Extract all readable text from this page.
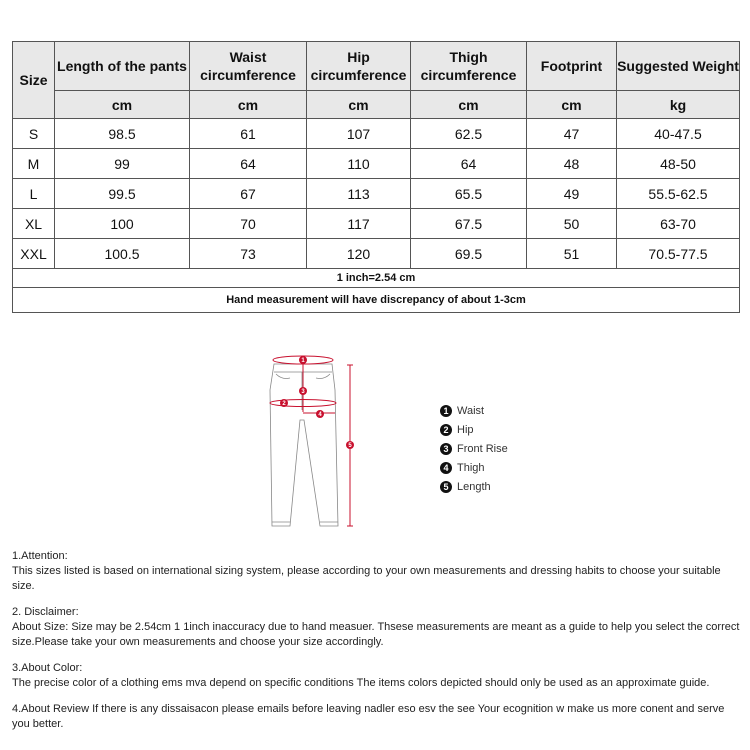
Size	Length of the pants	Waist circumference	Hip circumference	Thigh circumference	Footprint	Suggested Weight
	cm	cm	cm	cm	cm	kg
S	98.5	61	107	62.5	47	40-47.5
M	99	64	110	64	48	48-50
L	99.5	67	113	65.5	49	55.5-62.5
XL	100	70	117	67.5	50	63-70
XXL	100.5	73	120	69.5	51	70.5-77.5
1 inch=2.54 cm						
Hand measurement will have discrepancy of about 1-3cm						
1
3
2
4
5
1 Waist
2 Hip
3 Front Rise
4 Thigh
5 Length

1.Attention:
This sizes listed is based on international sizing system, please according to your own measurements and dressing habits to choose your suitable size.

2. Disclaimer:
About Size: Size may be 2.54cm 1 1inch inaccuracy due to hand measuer. Thsese measurements are meant as a guide to help you select the correct size.Please take your own measurements and choose your size accordingly.

3.About Color:
The precise color of a clothing ems mva depend on specific conditions The items colors depicted should only be used as an approximate guide.

4.About Review If there is any dissaisacon please emails before leaving nadler eso esv the see Your ecognition w make us more conent and serve you better.
